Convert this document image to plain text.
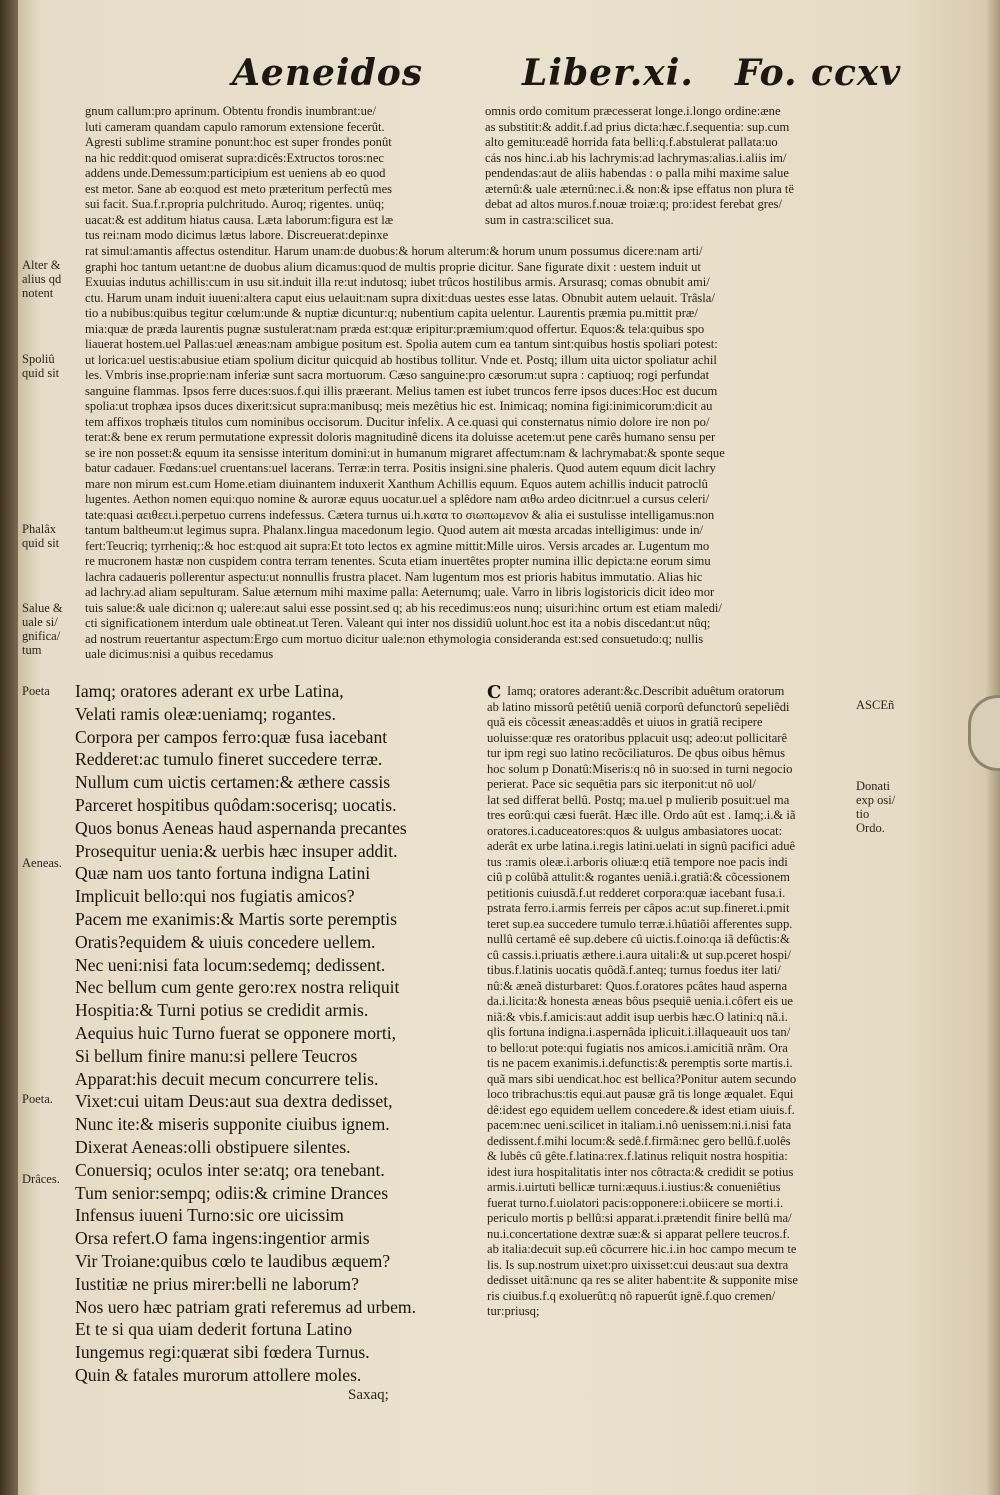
Aeneidos	Liber.xi. Fo. ccxv
gnum callum:pro aprinum. Obtentu frondis inumbrant:ue/
luti cameram quandam capulo ramorum extensione fecerût.
Agresti sublime stramine ponunt:hoc est super frondes ponût
na hic reddit:quod omiserat supra:dicês:Extructos toros:nec
addens unde.Demessum:participium est ueniens ab eo quod
est metor. Sane ab eo:quod est meto præteritum perfectû mes
sui facit. Sua.f.r.propria pulchritudo. Auroq; rigentes. unüq;
uacat:& est additum hiatus causa. Læta laborum:figura est læ
tus rei:nam modo dicimus lætus labore. Discreuerat:depinxe
omnis ordo comitum præcesserat longe.i.longo ordine:æne
as substitit:& addit.f.ad prius dicta:hæc.f.sequentia: sup.cum
alto gemitu:eadê horrida fata belli:q.f.abstulerat pallata:uo
cás nos hinc.i.ab his lachrymis:ad lachrymas:alias.i.aliis im/
pendendas:aut de aliis habendas : o palla mihi maxime salue
æternû:& uale æternû:nec.i.& non:& ipse effatus non plura të
debat ad altos muros.f.nouæ troiæ:q; pro:idest ferebat gres/
sum in castra:scilicet sua.
rat simul:amantis affectus ostenditur. Harum unam:de duobus:& horum alterum:& horum unum possumus dicere:nam arti/
graphi hoc tantum uetant:ne de duobus alium dicamus:quod de multis proprie dicitur. Sane figurate dixit : uestem induit ut
Exuuias indutus achillis:cum in usu sit.induit illa re:ut indutosq; iubet trûcos hostilibus armis. Arsurasq; comas obnubit ami/
ctu. Harum unam induit iuueni:altera caput eius uelauit:nam supra dixit:duas uestes esse latas. Obnubit autem uelauit. Trâsla/
tio a nubibus:quibus tegitur cœlum:unde & nuptiæ dicuntur:q; nubentium capita uelentur. Laurentis præmia pu.mittit præ/
mia:quæ de præda laurentis pugnæ sustulerat:nam præda est:quæ eripitur:præmium:quod offertur. Equos:& tela:quibus spo
liauerat hostem.uel Pallas:uel æneas:nam ambigue positum est. Spolia autem cum ea tantum sint:quibus hostis spoliari potest:
ut lorica:uel uestis:abusiue etiam spolium dicitur quicquid ab hostibus tollitur. Vnde et. Postq; illum uita uictor spoliatur achil
les. Vmbris inse.proprie:nam inferiæ sunt sacra mortuorum. Cæso sanguine:pro cæsorum:ut supra : captiuoq; rogi perfundat
sanguine flammas. Ipsos ferre duces:suos.f.qui illis præerant. Melius tamen est iubet truncos ferre ipsos duces:Hoc est ducum
spolia:ut trophæa ipsos duces dixerit:sicut supra:manibusq; meis mezêtius hic est. Inimicaq; nomina figi:inimicorum:dicit au
tem affixos trophæis titulos cum nominibus occisorum. Ducitur infelix. A ce.quasi qui consternatus nimio dolore ire non po/
terat:& bene ex rerum permutatione expressit doloris magnitudinê dicens ita doluisse acetem:ut pene carês humano sensu per
se ire non posset:& equum ita sensisse interitum domini:ut in humanum migraret affectum:nam & lachrymabat:& sponte seque
batur cadauer. Fœdans:uel cruentans:uel lacerans. Terræ:in terra. Positis insigni.sine phaleris. Quod autem equum dicit lachry
mare non mirum est.cum Home.etiam diuinantem induxerit Xanthum Achillis equum. Equos autem achillis inducit patroclû
lugentes. Aethon nomen equi:quo nomine & auroræ equus uocatur.uel a splêdore nam αιθω ardeo dicitnr:uel a cursus celeri/
tate:quasi αειθεει.i.perpetuo currens indefessus. Cætera turnus ui.h.κατα το σιωπωμενον & alia ei sustulisse intelligamus:non
tantum baltheum:ut legimus supra. Phalanx.lingua macedonum legio. Quod autem ait mœsta arcadas intelligimus: unde in/
fert:Teucriq; tyrrheniq;:& hoc est:quod ait supra:Et toto lectos ex agmine mittit:Mille uiros. Versis arcades ar. Lugentum mo
re mucronem hastæ non cuspidem contra terram tenentes. Scuta etiam inuertêtes propter numina illic depicta:ne eorum simu
lachra cadaueris pollerentur aspectu:ut nonnullis frustra placet. Nam lugentum mos est prioris habitus immutatio. Alias hic
ad lachry.ad aliam sepulturam. Salue æternum mihi maxime palla: Aeternumq; uale. Varro in libris logistoricis dicit ideo mor
tuis salue:& uale dici:non q; ualere:aut salui esse possint.sed q; ab his recedimus:eos nunq; uisuri:hinc ortum est etiam maledi/
cti significationem interdum uale obtineat.ut Teren. Valeant qui inter nos dissidiû uolunt.hoc est ita a nobis discedant:ut nûq;
ad nostrum reuertantur aspectum:Ergo cum mortuo dicitur uale:non ethymologia consideranda est:sed consuetudo:q; nullis
uale dicimus:nisi a quibus recedamus
Alter &
alius qd
notent
Spoliû
quid sit
Phalâx
quid sit
Salue &
uale si/
gnifica/
tum
Poeta
Aeneas.
Poeta.
Drâces.
Iamq; oratores aderant ex urbe Latina,
Velati ramis oleæ:ueniamq; rogantes.
Corpora per campos ferro:quæ fusa iacebant
Redderet:ac tumulo fineret succedere terræ.
Nullum cum uictis certamen:& æthere cassis
Parceret hospitibus quôdam:socerisq; uocatis.
Quos bonus Aeneas haud aspernanda precantes
Prosequitur uenia:& uerbis hæc insuper addit.
Quæ nam uos tanto fortuna indigna Latini
Implicuit bello:qui nos fugiatis amicos?
Pacem me exanimis:& Martis sorte peremptis
Oratis?equidem & uiuis concedere uellem.
Nec ueni:nisi fata locum:sedemq; dedissent.
Nec bellum cum gente gero:rex nostra reliquit
Hospitia:& Turni potius se credidit armis.
Aequius huic Turno fuerat se opponere morti,
Si bellum finire manu:si pellere Teucros
Apparat:his decuit mecum concurrere telis.
Vixet:cui uitam Deus:aut sua dextra dedisset,
Nunc ite:& miseris supponite ciuibus ignem.
Dixerat Aeneas:olli obstipuere silentes.
Conuersiq; oculos inter se:atq; ora tenebant.
Tum senior:sempq; odiis:& crimine Drances
Infensus iuueni Turno:sic ore uicissim
Orsa refert.O fama ingens:ingentior armis
Vir Troiane:quibus cœlo te laudibus æquem?
Iustitiæ ne prius mirer:belli ne laborum?
Nos uero hæc patriam grati referemus ad urbem.
Et te si qua uiam dederit fortuna Latino
Iungemus regi:quærat sibi fœdera Turnus.
Quin & fatales murorum attollere moles.
Saxaq;
C Iamq; oratores aderant:&c.Describit aduêtum oratorum
ab latino missorû petêtiû ueniã corporû defunctorû sepeliêdi
quã eis cõcessit æneas:addês et uiuos in gratiã recipere
uoluisse:quæ res oratoribus pplacuit usq; adeo:ut pollicitarê
tur ipm regi suo latino recõciliaturos. De qbus oibus hêmus
hoc solum p Donatû:Miseris:q nô in suo:sed in turni negocio
perierat. Pace sic sequêtia pars sic iterponit:ut nô uol/
lat sed differat bellû. Postq; ma.uel p mulierib posuit:uel ma
tres eorû:qui cæsi fuerât. Hæc ille. Ordo aût est . Iamq;.i.& iã
oratores.i.caduceatores:quos & uulgus ambasiatores uocat:
aderât ex urbe latina.i.regis latini.uelati in signû pacifici aduê
tus :ramis oleæ.i.arboris oliuæ:q etiã tempore noe pacis indi
ciû p colûbã attulit:& rogantes ueniã.i.gratiã:& cõcessionem
petitionis cuiusdã.f.ut redderet corpora:quæ iacebant fusa.i.
pstrata ferro.i.armis ferreis per câpos ac:ut sup.fineret.i.pmit
teret sup.ea succedere tumulo terræ.i.hûatiõi afferentes supp.
nullû certamê eê sup.debere cû uictis.f.oino:qa iã defûctis:&
cû cassis.i.priuatis æthere.i.aura uitali:& ut sup.pceret hospi/
tibus.f.latinis uocatis quôdã.f.anteq; turnus foedus iter lati/
nû:& æneã disturbaret: Quos.f.oratores pcâtes haud asperna
da.i.licita:& honesta æneas bôus psequiê uenia.i.côfert eis ue
niã:& vbis.f.amicis:aut addit isup uerbis hæc.O latini:q nã.i.
qlis fortuna indigna.i.aspernâda iplicuit.i.illaqueauit uos tan/
to bello:ut pote:qui fugiatis nos amicos.i.amicitiã nrãm. Ora
tis ne pacem exanimis.i.defunctis:& peremptis sorte martis.i.
quã mars sibi uendicat.hoc est bellica?Ponitur autem secundo
loco tribrachus:tis equi.aut pausæ grã tis longe æqualet. Equi
dê:idest ego equidem uellem concedere.& idest etiam uiuis.f.
pacem:nec ueni.scilicet in italiam.i.nô uenissem:ni.i.nisi fata
dedissent.f.mihi locum:& sedê.f.firmã:nec gero bellû.f.uolês
& lubês cû gête.f.latina:rex.f.latinus reliquit nostra hospitia:
idest iura hospitalitatis inter nos côtracta:& credidit se potius
armis.i.uirtuti bellicæ turni:æquus.i.iustius:& conueniêtius
fuerat turno.f.uiolatori pacis:opponere:i.obiicere se morti.i.
periculo mortis p bellû:si apparat.i.prætendit finire bellû ma/
nu.i.concertatione dextræ suæ:& si apparat pellere teucros.f.
ab italia:decuit sup.eû cõcurrere hic.i.in hoc campo mecum te
lis. Is sup.nostrum uixet:pro uixisset:cui deus:aut sua dextra
dedisset uitã:nunc qa res se aliter habent:ite & supponite mise
ris ciuibus.f.q exoluerût:q nô rapuerût ignê.f.quo cremen/
tur:priusq;
ASCEñ
Donati
exp osi/
tio
Ordo.
